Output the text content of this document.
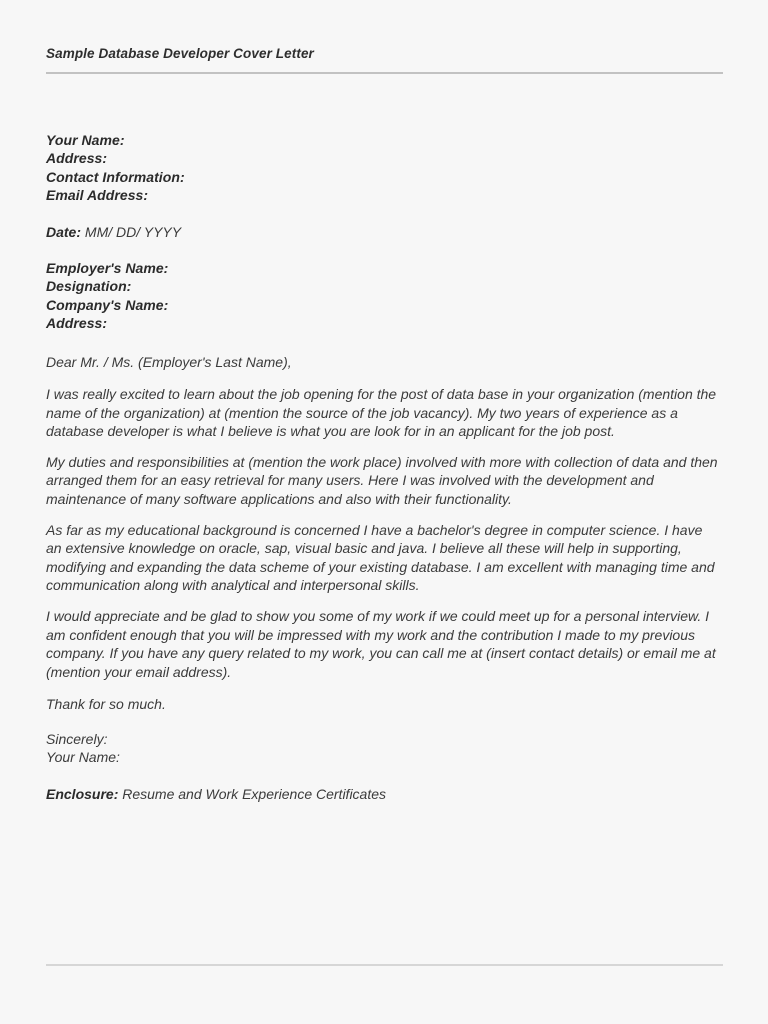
Sample Database Developer Cover Letter
Your Name:
Address:
Contact Information:
Email Address:
Date: MM/ DD/ YYYY
Employer's Name:
Designation:
Company's Name:
Address:
Dear Mr. / Ms. (Employer's Last Name),
I was really excited to learn about the job opening for the post of data base in your organization (mention the name of the organization) at (mention the source of the job vacancy). My two years of experience as a database developer is what I believe is what you are look for in an applicant for the job post.
My duties and responsibilities at (mention the work place) involved with more with collection of data and then arranged them for an easy retrieval for many users. Here I was involved with the development and maintenance of many software applications and also with their functionality.
As far as my educational background is concerned I have a bachelor's degree in computer science. I have an extensive knowledge on oracle, sap, visual basic and java. I believe all these will help in supporting, modifying and expanding the data scheme of your existing database. I am excellent with managing time and communication along with analytical and interpersonal skills.
I would appreciate and be glad to show you some of my work if we could meet up for a personal interview. I am confident enough that you will be impressed with my work and the contribution I made to my previous company. If you have any query related to my work, you can call me at (insert contact details) or email me at (mention your email address).
Thank for so much.
Sincerely:
Your Name:
Enclosure: Resume and Work Experience Certificates
